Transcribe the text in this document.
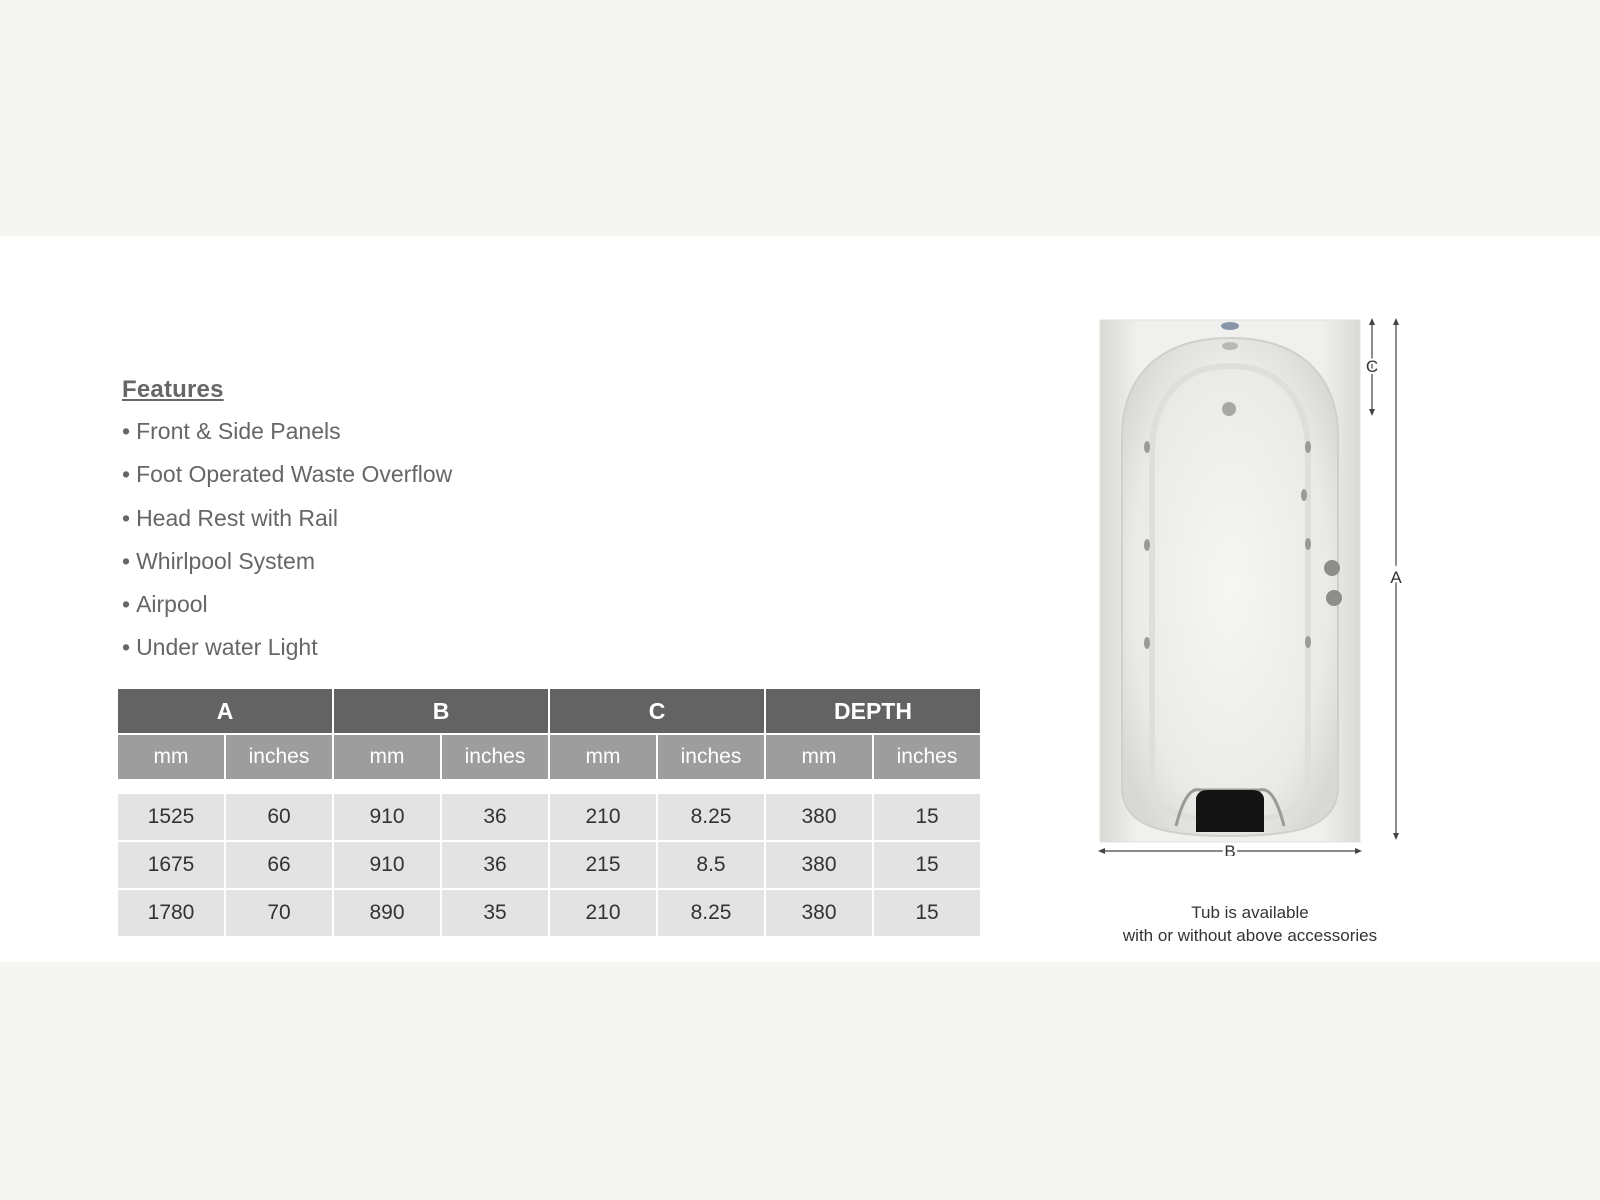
Features
• Front & Side Panels
• Foot Operated Waste Overflow
• Head Rest with Rail
• Whirlpool System
• Airpool
• Under water Light
A		B		C		DEPTH	
mm	inches	mm	inches	mm	inches	mm	inches

1525	60	910	36	210	8.25	380	15
1675	66	910	36	215	8.5	380	15
1780	70	890	35	210	8.25	380	15
C
A
B
Tub is available
with or without above accessories
